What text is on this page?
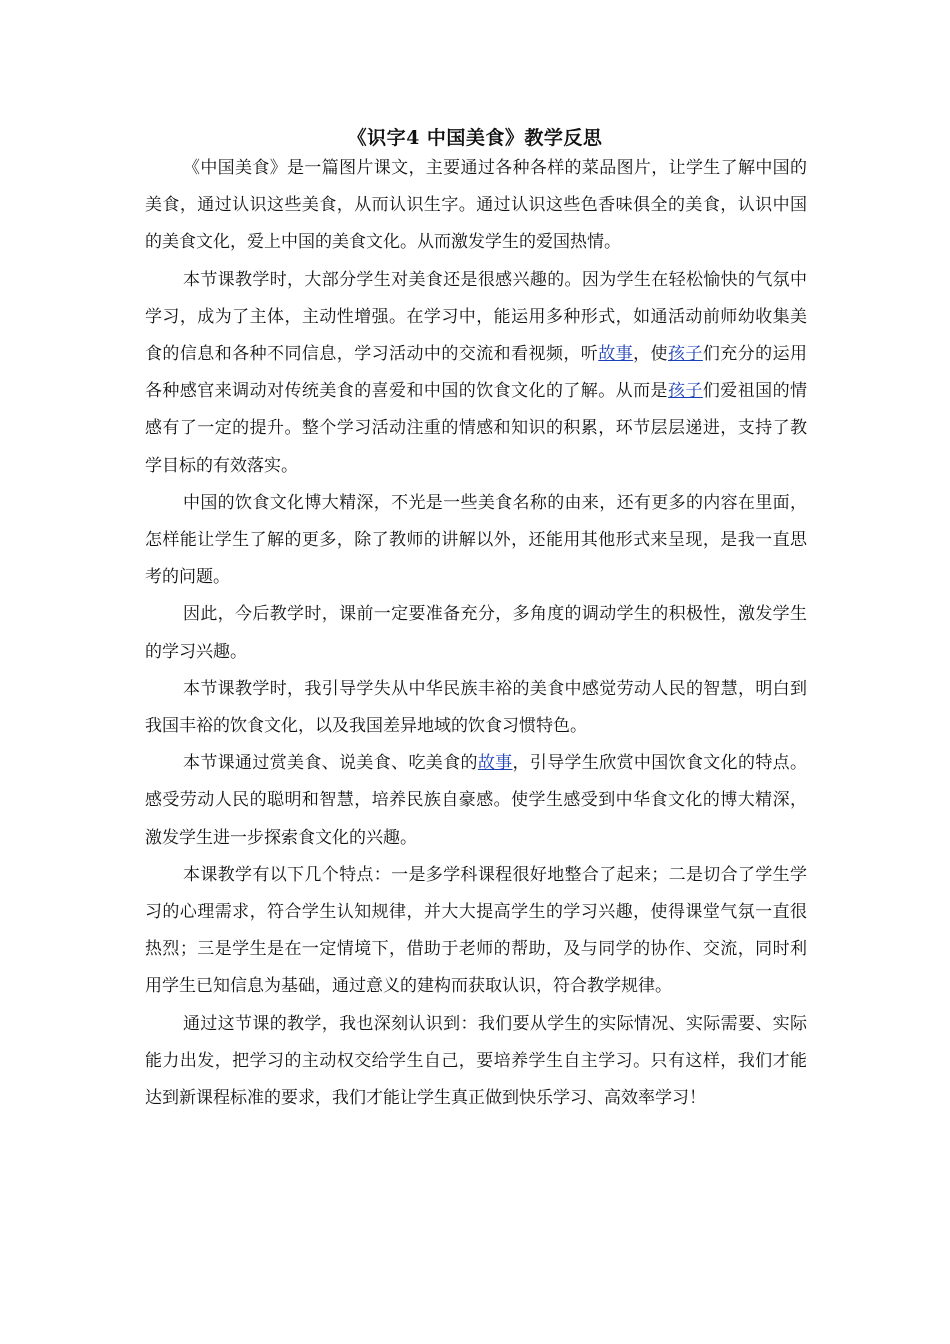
《识字4 中国美食》教学反思

《中国美食》是一篇图片课文，主要通过各种各样的菜品图片，让学生了解中国的美食，通过认识这些美食，从而认识生字。通过认识这些色香味俱全的美食，认识中国的美食文化，爱上中国的美食文化。从而激发学生的爱国热情。

本节课教学时，大部分学生对美食还是很感兴趣的。因为学生在轻松愉快的气氛中学习，成为了主体，主动性增强。在学习中，能运用多种形式，如通活动前师幼收集美食的信息和各种不同信息，学习活动中的交流和看视频，听故事，使孩子们充分的运用各种感官来调动对传统美食的喜爱和中国的饮食文化的了解。从而是孩子们爱祖国的情感有了一定的提升。整个学习活动注重的情感和知识的积累，环节层层递进，支持了教学目标的有效落实。

中国的饮食文化博大精深，不光是一些美食名称的由来，还有更多的内容在里面，怎样能让学生了解的更多，除了教师的讲解以外，还能用其他形式来呈现，是我一直思考的问题。

因此，今后教学时，课前一定要准备充分，多角度的调动学生的积极性，激发学生的学习兴趣。

本节课教学时，我引导学失从中华民族丰裕的美食中感觉劳动人民的智慧，明白到我国丰裕的饮食文化，以及我国差异地域的饮食习惯特色。

本节课通过赏美食、说美食、吃美食的故事，引导学生欣赏中国饮食文化的特点。感受劳动人民的聪明和智慧，培养民族自豪感。使学生感受到中华食文化的博大精深，激发学生进一步探索食文化的兴趣。

本课教学有以下几个特点：一是多学科课程很好地整合了起来；二是切合了学生学习的心理需求，符合学生认知规律，并大大提高学生的学习兴趣，使得课堂气氛一直很热烈；三是学生是在一定情境下，借助于老师的帮助，及与同学的协作、交流，同时利用学生已知信息为基础，通过意义的建构而获取认识，符合教学规律。

通过这节课的教学，我也深刻认识到：我们要从学生的实际情况、实际需要、实际能力出发，把学习的主动权交给学生自己，要培养学生自主学习。只有这样，我们才能达到新课程标准的要求，我们才能让学生真正做到快乐学习、高效率学习！
